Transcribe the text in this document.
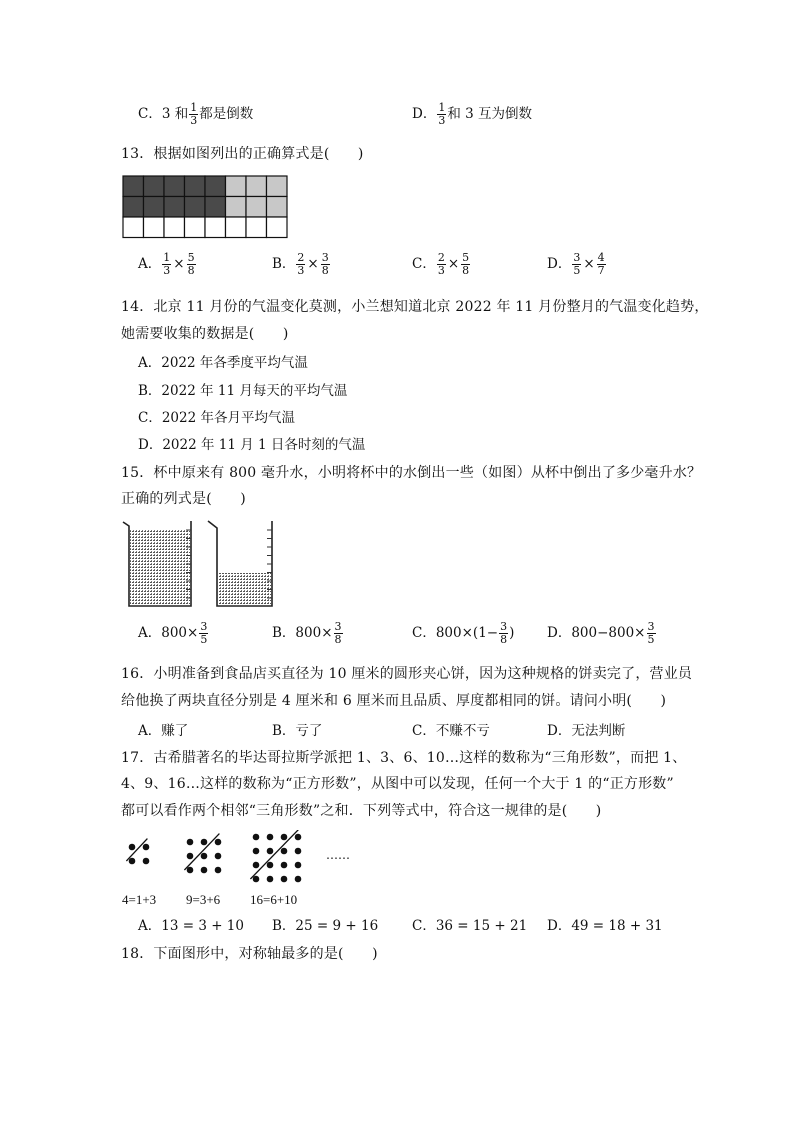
C．3 和 $\frac{1}{3}$ 都是倒数	D． $\frac{1}{3}$ 和 3 互为倒数
13．根据如图列出的正确算式是(　　)
A． $\frac{1}{3} \times \frac{5}{8}$	B． $\frac{2}{3} \times \frac{3}{8}$	C． $\frac{2}{3} \times \frac{5}{8}$	D． $\frac{3}{5} \times \frac{4}{7}$
14．北京 11 月份的气温变化莫测，小兰想知道北京 2022 年 11 月份整月的气温变化趋势，
她需要收集的数据是(　　)
A．2022 年各季度平均气温
B．2022 年 11 月每天的平均气温
C．2022 年各月平均气温
D．2022 年 11 月 1 日各时刻的气温
15．杯中原来有 800 毫升水，小明将杯中的水倒出一些（如图）从杯中倒出了多少毫升水？
正确的列式是(　　)
A．$800\times \frac{3}{5}$	B．$800\times \frac{3}{8}$	C．$800\times(1- \frac{3}{8}$ ) D．$800-800\times \frac{3}{5}$
16．小明准备到食品店买直径为 10 厘米的圆形夹心饼，因为这种规格的饼卖完了，营业员
给他换了两块直径分别是 4 厘米和 6 厘米而且品质、厚度都相同的饼。请问小明(　　)
A．赚了	B．亏了	C．不赚不亏	D．无法判断
17．古希腊著名的毕达哥拉斯学派把 1、3、6、10…这样的数称为“三角形数”，而把 1、
4、9、16…这样的数称为“正方形数”，从图中可以发现，任何一个大于 1 的“正方形数”
都可以看作两个相邻“三角形数”之和．下列等式中，符合这一规律的是(　　)
……
4=1+3 9=3+6 16=6+10
A．13 = 3 + 10 B．25 = 9 + 16	C．36 = 15 + 21 D．49 = 18 + 31
18．下面图形中，对称轴最多的是(　　)
